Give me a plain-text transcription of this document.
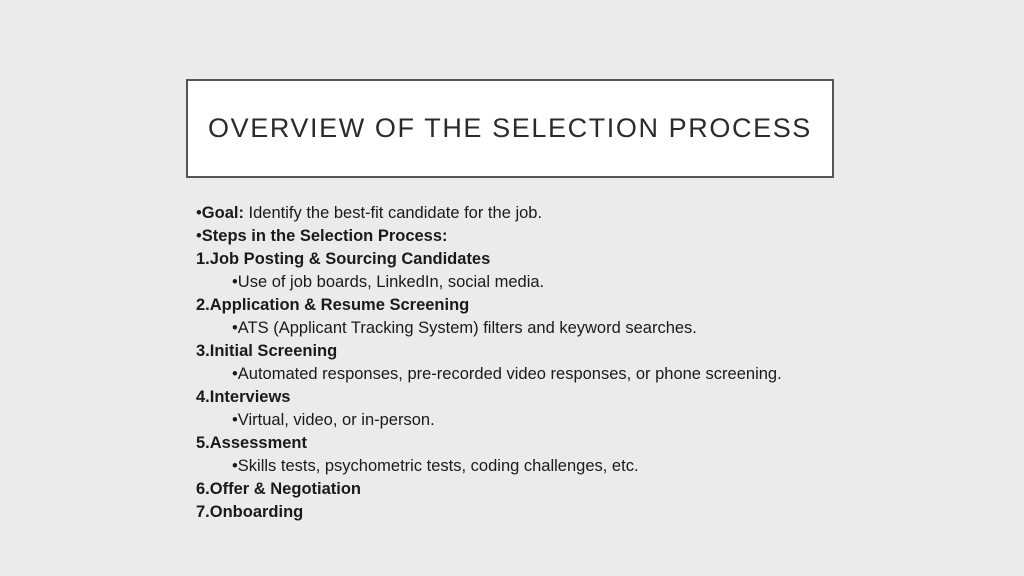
OVERVIEW OF THE SELECTION PROCESS
•Goal: Identify the best-fit candidate for the job.
•Steps in the Selection Process:
1.Job Posting & Sourcing Candidates
•Use of job boards, LinkedIn, social media.
2.Application & Resume Screening
•ATS (Applicant Tracking System) filters and keyword searches.
3.Initial Screening
•Automated responses, pre-recorded video responses, or phone screening.
4.Interviews
•Virtual, video, or in-person.
5.Assessment
•Skills tests, psychometric tests, coding challenges, etc.
6.Offer & Negotiation
7.Onboarding
